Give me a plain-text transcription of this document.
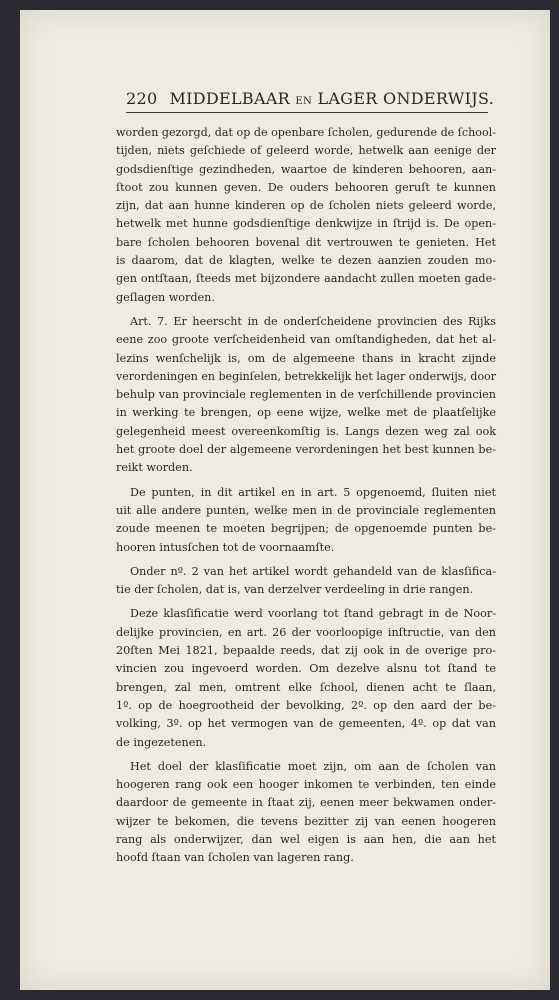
220 MIDDELBAAR EN LAGER ONDERWIJS.
worden gezorgd, dat op de openbare ſcholen, gedurende de ſchool-
tijden, niets geſchiede of geleerd worde, hetwelk aan eenige der
godsdienſtige gezindheden, waartoe de kinderen behooren, aan-
ſtoot zou kunnen geven. De ouders behooren geruſt te kunnen
zijn, dat aan hunne kinderen op de ſcholen niets geleerd worde,
hetwelk met hunne godsdienſtige denkwijze in ſtrijd is. De open-
bare ſcholen behooren bovenal dit vertrouwen te genieten. Het
is daarom, dat de klagten, welke te dezen aanzien zouden mo-
gen ontſtaan, ſteeds met bijzondere aandacht zullen moeten gade-
geſlagen worden.
Art. 7. Er heerscht in de onderſcheidene provincien des Rijks
eene zoo groote verſcheidenheid van omſtandigheden, dat het al-
lezins wenſchelijk is, om de algemeene thans in kracht zijnde
verordeningen en beginſelen, betrekkelijk het lager onderwijs, door
behulp van provinciale reglementen in de verſchillende provincien
in werking te brengen, op eene wijze, welke met de plaatſelijke
gelegenheid meest overeenkomſtig is. Langs dezen weg zal ook
het groote doel der algemeene verordeningen het best kunnen be-
reikt worden.
De punten, in dit artikel en in art. 5 opgenoemd, ſluiten niet
uit alle andere punten, welke men in de provinciale reglementen
zoude meenen te moeten begrijpen; de opgenoemde punten be-
hooren intusſchen tot de voornaamſte.
Onder nº. 2 van het artikel wordt gehandeld van de klasſifica-
tie der ſcholen, dat is, van derzelver verdeeling in drie rangen.
Deze klasſificatie werd voorlang tot ſtand gebragt in de Noor-
delijke provincien, en art. 26 der voorloopige inſtructie, van den
20ſten Mei 1821, bepaalde reeds, dat zij ook in de overige pro-
vincien zou ingevoerd worden. Om dezelve alsnu tot ſtand te
brengen, zal men, omtrent elke ſchool, dienen acht te ſlaan,
1º. op de hoegrootheid der bevolking, 2º. op den aard der be-
volking, 3º. op het vermogen van de gemeenten, 4º. op dat van
de ingezetenen.
Het doel der klasſificatie moet zijn, om aan de ſcholen van
hoogeren rang ook een hooger inkomen te verbinden, ten einde
daardoor de gemeente in ſtaat zij, eenen meer bekwamen onder-
wijzer te bekomen, die tevens bezitter zij van eenen hoogeren
rang als onderwijzer, dan wel eigen is aan hen, die aan het
hoofd ſtaan van ſcholen van lageren rang.
